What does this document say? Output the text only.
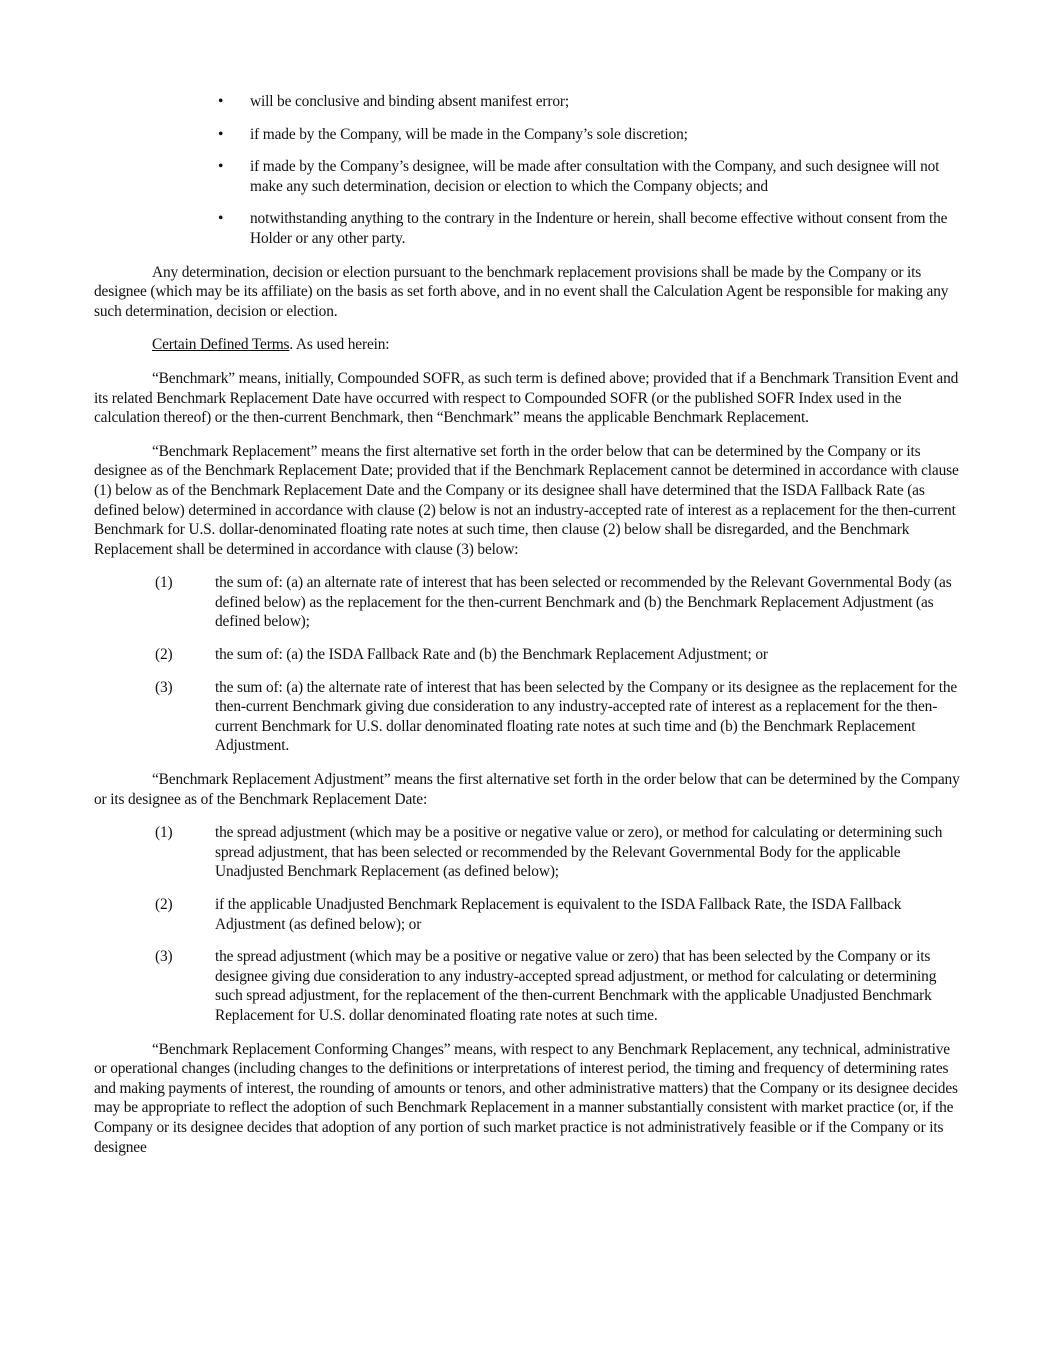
• will be conclusive and binding absent manifest error;
• if made by the Company, will be made in the Company’s sole discretion;
• if made by the Company’s designee, will be made after consultation with the Company, and such designee will not make any such determination, decision or election to which the Company objects; and
• notwithstanding anything to the contrary in the Indenture or herein, shall become effective without consent from the Holder or any other party.

Any determination, decision or election pursuant to the benchmark replacement provisions shall be made by the Company or its designee (which may be its affiliate) on the basis as set forth above, and in no event shall the Calculation Agent be responsible for making any such determination, decision or election.

Certain Defined Terms. As used herein:

“Benchmark” means, initially, Compounded SOFR, as such term is defined above; provided that if a Benchmark Transition Event and its related Benchmark Replacement Date have occurred with respect to Compounded SOFR (or the published SOFR Index used in the calculation thereof) or the then-current Benchmark, then “Benchmark” means the applicable Benchmark Replacement.

“Benchmark Replacement” means the first alternative set forth in the order below that can be determined by the Company or its designee as of the Benchmark Replacement Date; provided that if the Benchmark Replacement cannot be determined in accordance with clause (1) below as of the Benchmark Replacement Date and the Company or its designee shall have determined that the ISDA Fallback Rate (as defined below) determined in accordance with clause (2) below is not an industry-accepted rate of interest as a replacement for the then-current Benchmark for U.S. dollar-denominated floating rate notes at such time, then clause (2) below shall be disregarded, and the Benchmark Replacement shall be determined in accordance with clause (3) below:

(1)	the sum of: (a) an alternate rate of interest that has been selected or recommended by the Relevant Governmental Body (as defined below) as the replacement for the then-current Benchmark and (b) the Benchmark Replacement Adjustment (as defined below);
(2)	the sum of: (a) the ISDA Fallback Rate and (b) the Benchmark Replacement Adjustment; or
(3)	the sum of: (a) the alternate rate of interest that has been selected by the Company or its designee as the replacement for the then-current Benchmark giving due consideration to any industry-accepted rate of interest as a replacement for the then-current Benchmark for U.S. dollar denominated floating rate notes at such time and (b) the Benchmark Replacement Adjustment.

“Benchmark Replacement Adjustment” means the first alternative set forth in the order below that can be determined by the Company or its designee as of the Benchmark Replacement Date:

(1)	the spread adjustment (which may be a positive or negative value or zero), or method for calculating or determining such spread adjustment, that has been selected or recommended by the Relevant Governmental Body for the applicable Unadjusted Benchmark Replacement (as defined below);
(2)	if the applicable Unadjusted Benchmark Replacement is equivalent to the ISDA Fallback Rate, the ISDA Fallback Adjustment (as defined below); or
(3)	the spread adjustment (which may be a positive or negative value or zero) that has been selected by the Company or its designee giving due consideration to any industry-accepted spread adjustment, or method for calculating or determining such spread adjustment, for the replacement of the then-current Benchmark with the applicable Unadjusted Benchmark Replacement for U.S. dollar denominated floating rate notes at such time.

“Benchmark Replacement Conforming Changes” means, with respect to any Benchmark Replacement, any technical, administrative or operational changes (including changes to the definitions or interpretations of interest period, the timing and frequency of determining rates and making payments of interest, the rounding of amounts or tenors, and other administrative matters) that the Company or its designee decides may be appropriate to reflect the adoption of such Benchmark Replacement in a manner substantially consistent with market practice (or, if the Company or its designee decides that adoption of any portion of such market practice is not administratively feasible or if the Company or its designee
